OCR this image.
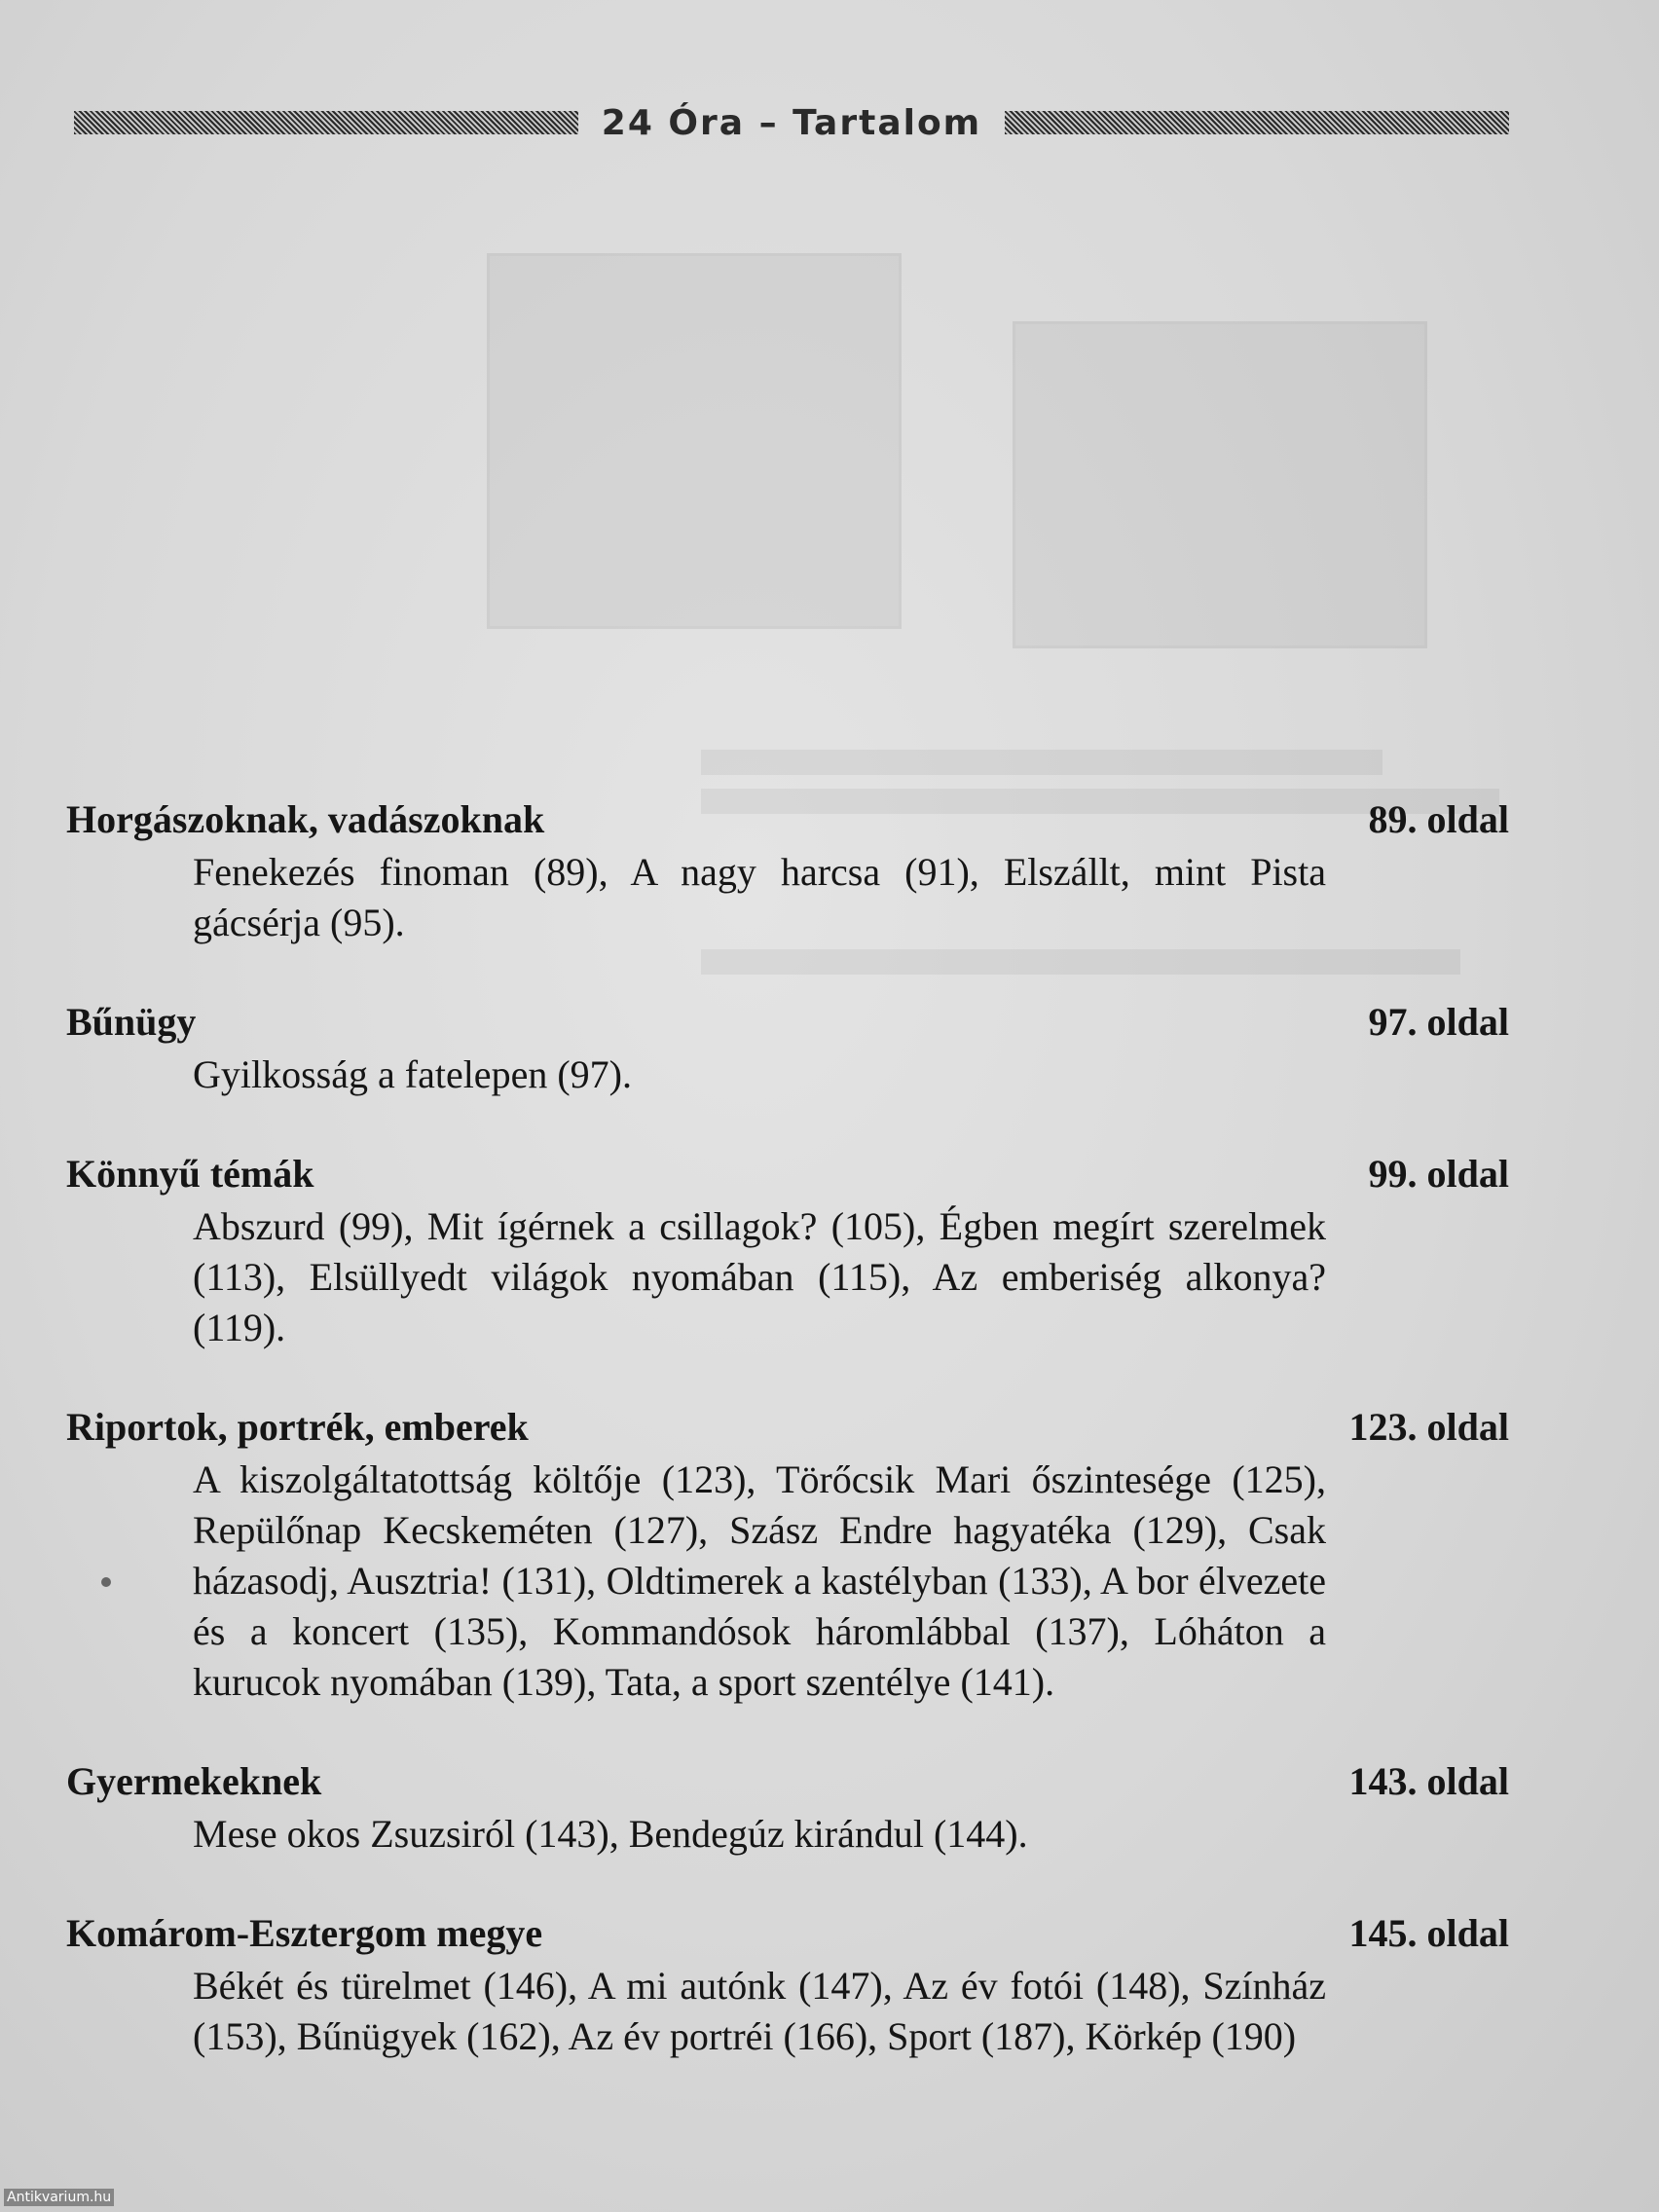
24 Óra – Tartalom
Horgászoknak, vadászoknak	89. oldal
Fenekezés finoman (89), A nagy harcsa (91), Elszállt, mint Pista gácsérja (95).
Bűnügy	97. oldal
Gyilkosság a fatelepen (97).
Könnyű témák	99. oldal
Abszurd (99), Mit ígérnek a csillagok? (105), Égben megírt szerelmek (113), Elsüllyedt világok nyomában (115), Az emberiség alkonya? (119).
Riportok, portrék, emberek	123. oldal
A kiszolgáltatottság költője (123), Törőcsik Mari őszintesége (125), Repülőnap Kecskeméten (127), Szász Endre hagyatéka (129), Csak házasodj, Ausztria! (131), Oldtimerek a kastélyban (133), A bor élvezete és a koncert (135), Kommandósok háromlábbal (137), Lóháton a kurucok nyomában (139), Tata, a sport szentélye (141).
Gyermekeknek	143. oldal
Mese okos Zsuzsiról (143), Bendegúz kirándul (144).
Komárom-Esztergom megye	145. oldal
Békét és türelmet (146), A mi autónk (147), Az év fotói (148), Színház (153), Bűnügyek (162), Az év portréi (166), Sport (187), Körkép (190)
Antikvarium.hu
